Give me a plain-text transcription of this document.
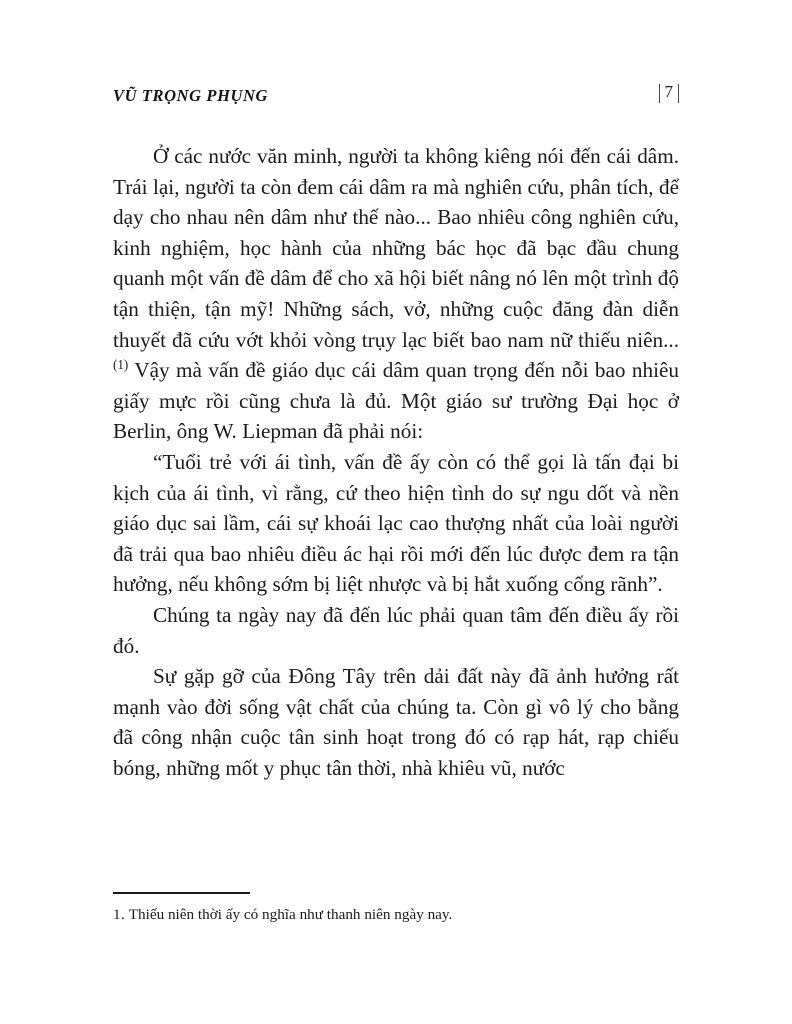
VŨ TRỌNG PHỤNG	7

Ở các nước văn minh, người ta không kiêng nói đến cái dâm. Trái lại, người ta còn đem cái dâm ra mà nghiên cứu, phân tích, để dạy cho nhau nên dâm như thế nào... Bao nhiêu công nghiên cứu, kinh nghiệm, học hành của những bác học đã bạc đầu chung quanh một vấn đề dâm để cho xã hội biết nâng nó lên một trình độ tận thiện, tận mỹ! Những sách, vở, những cuộc đăng đàn diễn thuyết đã cứu vớt khỏi vòng trụy lạc biết bao nam nữ thiếu niên...$^{(1)}$ Vậy mà vấn đề giáo dục cái dâm quan trọng đến nỗi bao nhiêu giấy mực rồi cũng chưa là đủ. Một giáo sư trường Đại học ở Berlin, ông W. Liepman đã phải nói:

“Tuổi trẻ với ái tình, vấn đề ấy còn có thể gọi là tấn đại bi kịch của ái tình, vì rằng, cứ theo hiện tình do sự ngu dốt và nền giáo dục sai lầm, cái sự khoái lạc cao thượng nhất của loài người đã trải qua bao nhiêu điều ác hại rồi mới đến lúc được đem ra tận hưởng, nếu không sớm bị liệt nhược và bị hắt xuống cống rãnh”.

Chúng ta ngày nay đã đến lúc phải quan tâm đến điều ấy rồi đó.

Sự gặp gỡ của Đông Tây trên dải đất này đã ảnh hưởng rất mạnh vào đời sống vật chất của chúng ta. Còn gì vô lý cho bằng đã công nhận cuộc tân sinh hoạt trong đó có rạp hát, rạp chiếu bóng, những mốt y phục tân thời, nhà khiêu vũ, nước

1. Thiếu niên thời ấy có nghĩa như thanh niên ngày nay.
